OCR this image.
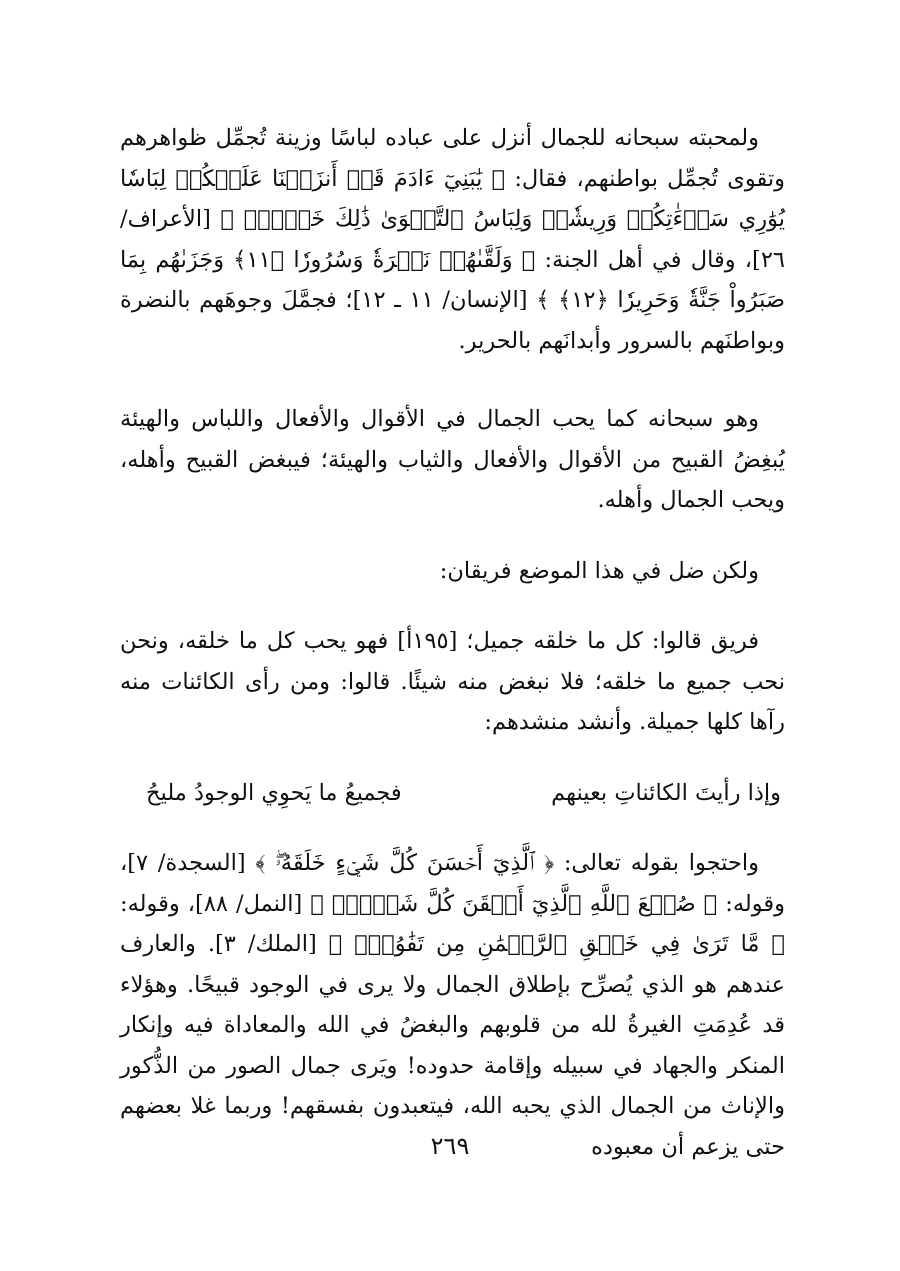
ولمحبته سبحانه للجمال أنزل على عباده لباسًا وزينة تُجمِّل ظواهرهم وتقوى تُجمِّل بواطنهم، فقال: ﴿ يَٰبَنِيٓ ءَادَمَ قَدۡ أَنزَلۡنَا عَلَيۡكُمۡ لِبَاسٗا يُوَٰرِي سَوۡءَٰتِكُمۡ وَرِيشٗاۖ وَلِبَاسُ ٱلتَّقۡوَىٰ ذَٰلِكَ خَيۡرٞۚ ﴾ [الأعراف/ ٢٦]، وقال في أهل الجنة: ﴿ وَلَقَّىٰهُمۡ نَضۡرَةٗ وَسُرُورٗا ﴿١١﴾ وَجَزَىٰهُم بِمَا صَبَرُواْ جَنَّةٗ وَحَرِيرٗا ﴿١٢﴾ ﴾ [الإنسان/ ١١ ـ ١٢]؛ فجمَّلَ وجوهَهم بالنضرة وبواطنَهم بالسرور وأبدانَهم بالحرير.

وهو سبحانه كما يحب الجمال في الأقوال والأفعال واللباس والهيئة يُبغِضُ القبيح من الأقوال والأفعال والثياب والهيئة؛ فيبغض القبيح وأهله، ويحب الجمال وأهله.

ولكن ضل في هذا الموضع فريقان:

فريق قالوا: كل ما خلقه جميل؛ [١٩٥أ] فهو يحب كل ما خلقه، ونحن نحب جميع ما خلقه؛ فلا نبغض منه شيئًا. قالوا: ومن رأى الكائنات منه رآها كلها جميلة. وأنشد منشدهم:

وإذا رأيتَ الكائناتِ بعينهم
فجميعُ ما يَحوِي الوجودُ مليحُ

واحتجوا بقوله تعالى: ﴿ ٱلَّذِيٓ أَحۡسَنَ كُلَّ شَيۡءٍ خَلَقَهُۥۖ ﴾ [السجدة/ ٧]، وقوله: ﴿ صُنۡعَ ٱللَّهِ ٱلَّذِيٓ أَتۡقَنَ كُلَّ شَيۡءٍۚ ﴾ [النمل/ ٨٨]، وقوله: ﴿ مَّا تَرَىٰ فِي خَلۡقِ ٱلرَّحۡمَٰنِ مِن تَفَٰوُتٖۖ ﴾ [الملك/ ٣]. والعارف عندهم هو الذي يُصرِّح بإطلاق الجمال ولا يرى في الوجود قبيحًا. وهؤلاء قد عُدِمَتِ الغيرةُ لله من قلوبهم والبغضُ في الله والمعاداة فيه وإنكار المنكر والجهاد في سبيله وإقامة حدوده! ويَرى جمال الصور من الذُّكور والإناث من الجمال الذي يحبه الله، فيتعبدون بفسقهم! وربما غلا بعضهم حتى يزعم أن معبوده

٢٦٩
